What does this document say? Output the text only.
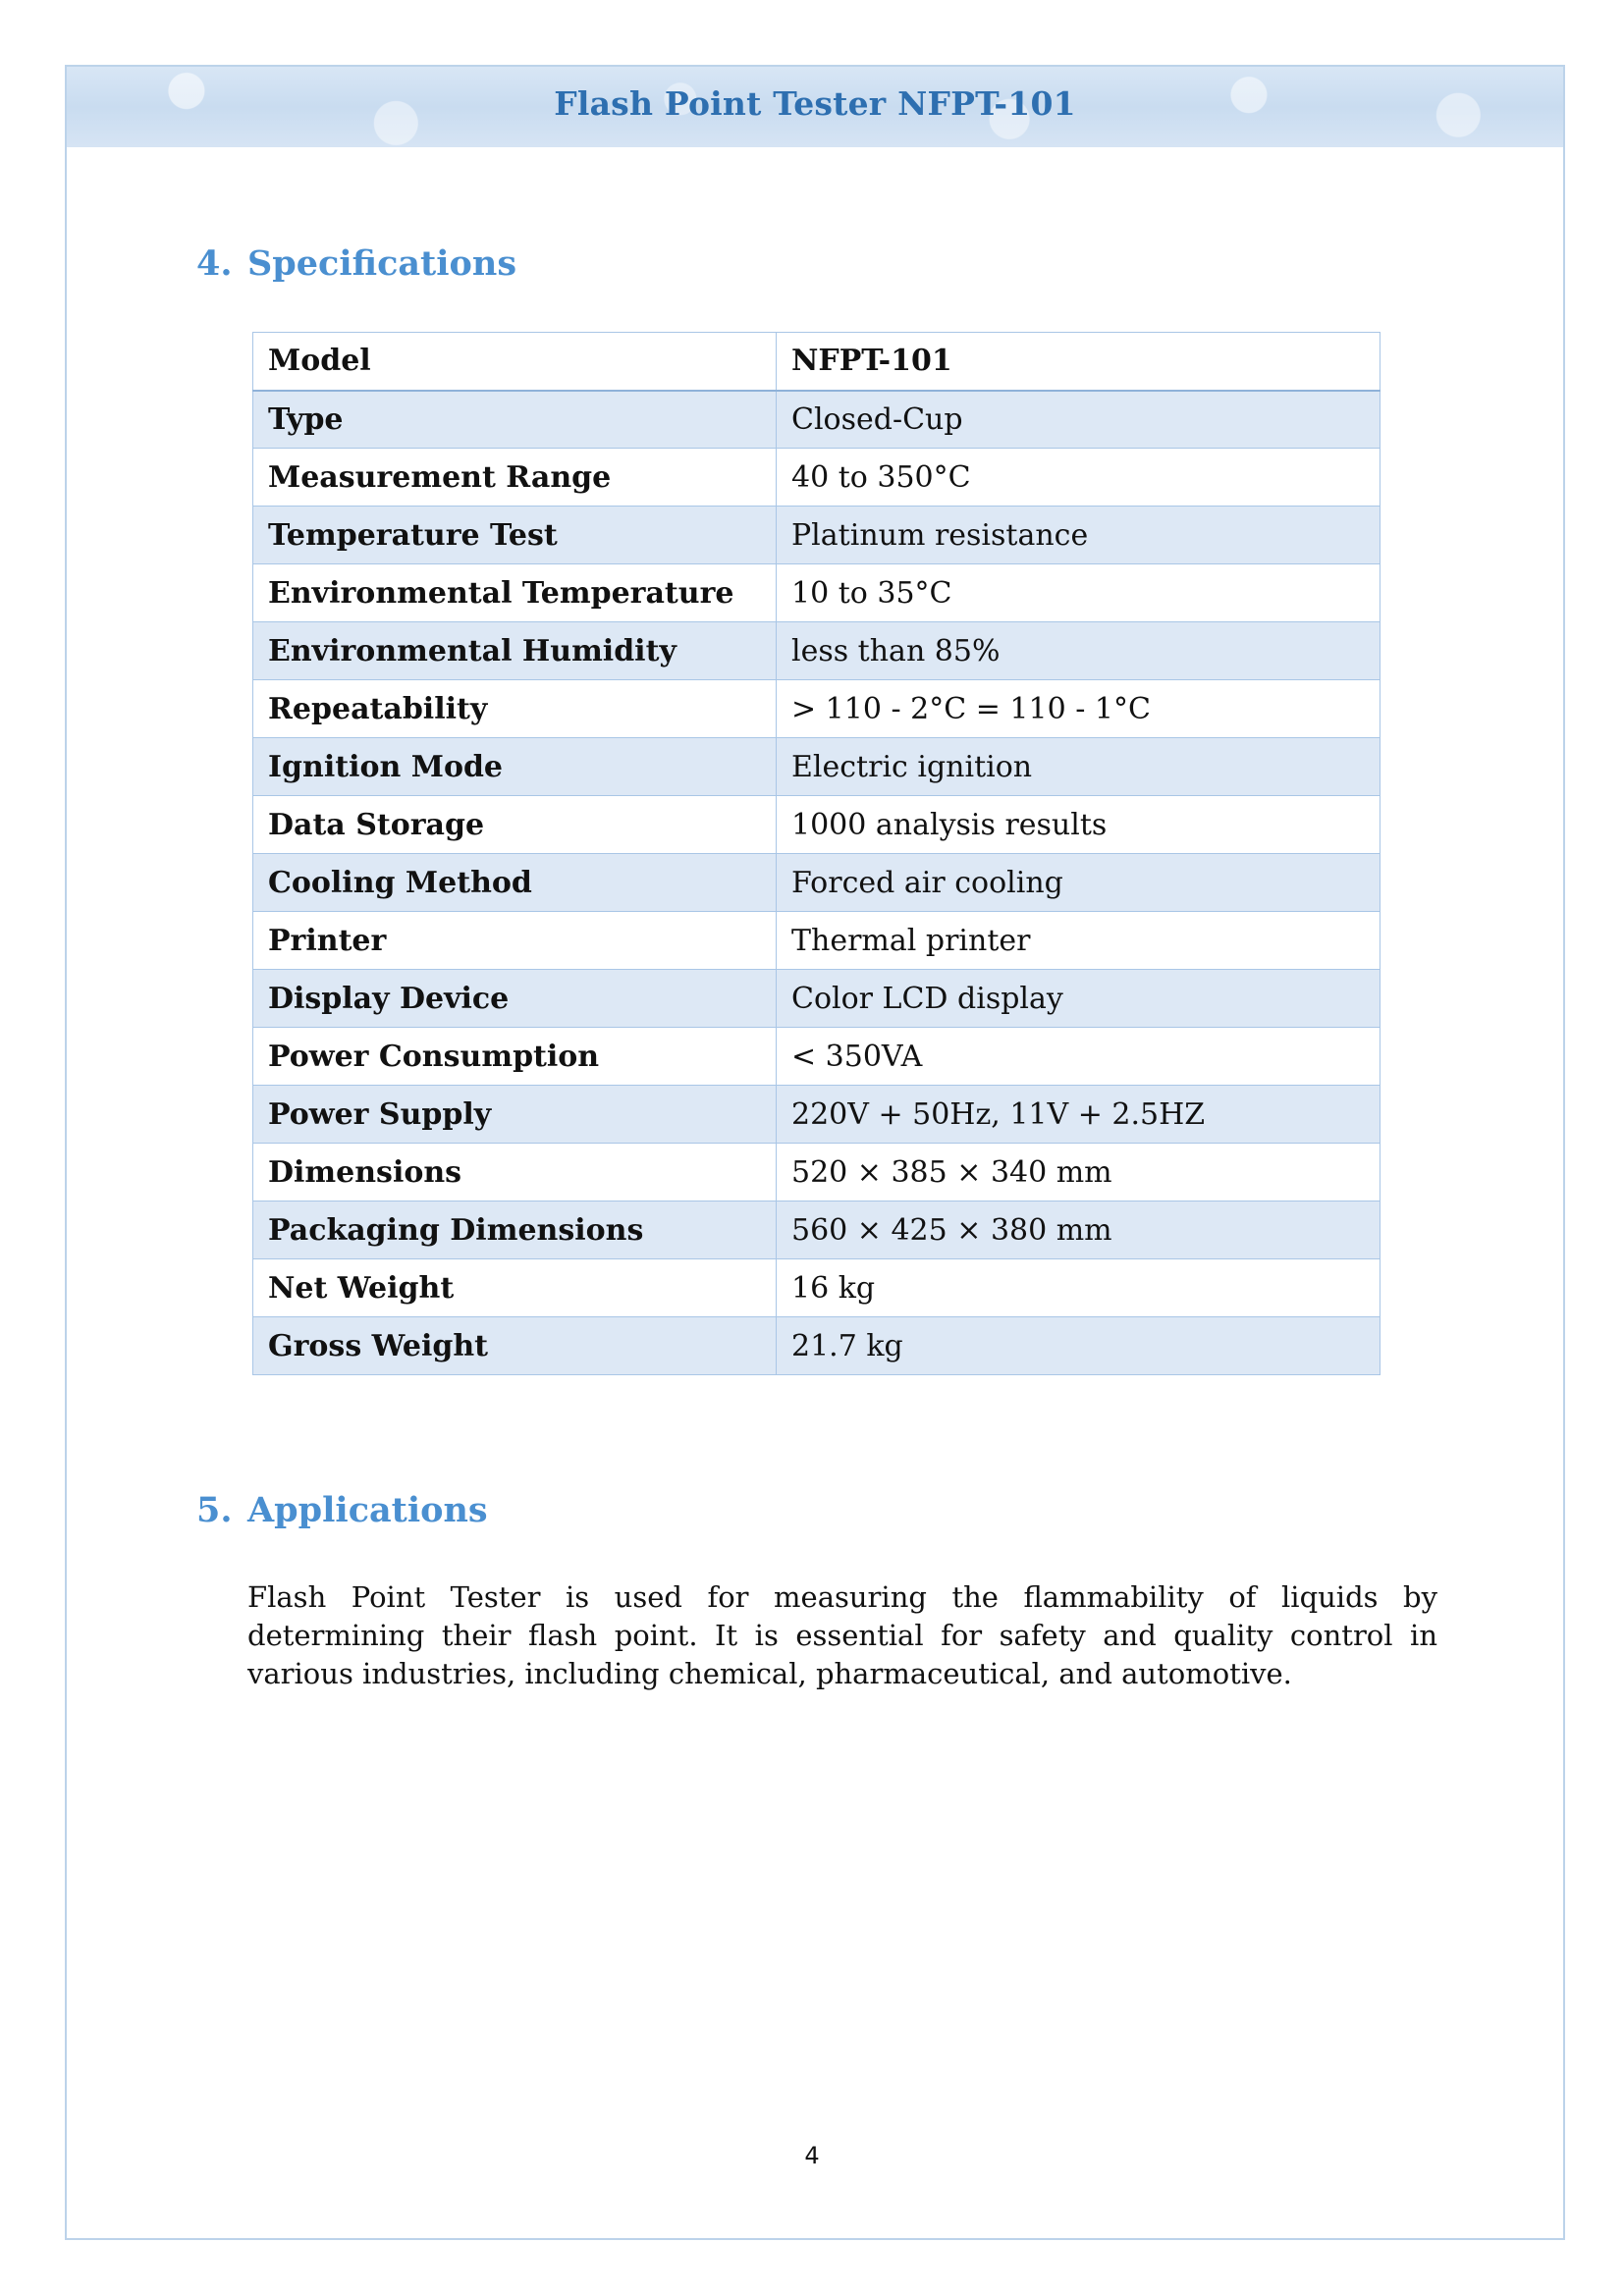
Flash Point Tester NFPT-101
4. Specifications
Model	NFPT-101
Type	Closed-Cup
Measurement Range	40 to 350°C
Temperature Test	Platinum resistance
Environmental Temperature	10 to 35°C
Environmental Humidity	less than 85%
Repeatability	> 110 - 2°C = 110 - 1°C
Ignition Mode	Electric ignition
Data Storage	1000 analysis results
Cooling Method	Forced air cooling
Printer	Thermal printer
Display Device	Color LCD display
Power Consumption	< 350VA
Power Supply	220V + 50Hz, 11V + 2.5HZ
Dimensions	520 × 385 × 340 mm
Packaging Dimensions	560 × 425 × 380 mm
Net Weight	16 kg
Gross Weight	21.7 kg
5. Applications
Flash Point Tester is used for measuring the flammability of liquids by determining their flash point. It is essential for safety and quality control in various industries, including chemical, pharmaceutical, and automotive.
4
